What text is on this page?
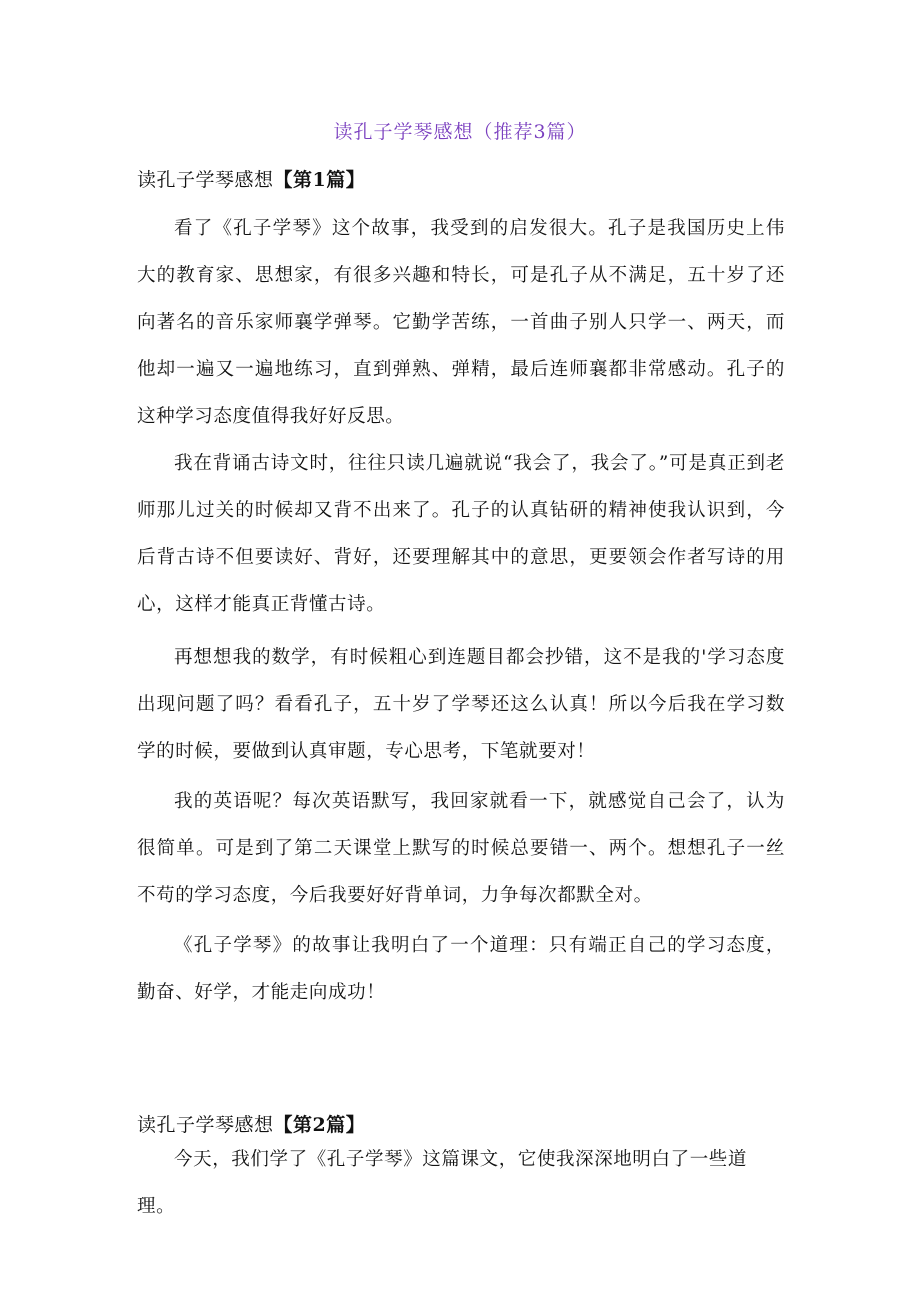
读孔子学琴感想（推荐3篇）
读孔子学琴感想【第1篇】

看了《孔子学琴》这个故事，我受到的启发很大。孔子是我国历史上伟大的教育家、思想家，有很多兴趣和特长，可是孔子从不满足，五十岁了还向著名的音乐家师襄学弹琴。它勤学苦练，一首曲子别人只学一、两天，而他却一遍又一遍地练习，直到弹熟、弹精，最后连师襄都非常感动。孔子的这种学习态度值得我好好反思。

我在背诵古诗文时，往往只读几遍就说“我会了，我会了。”可是真正到老师那儿过关的时候却又背不出来了。孔子的认真钻研的精神使我认识到，今后背古诗不但要读好、背好，还要理解其中的意思，更要领会作者写诗的用心，这样才能真正背懂古诗。

再想想我的数学，有时候粗心到连题目都会抄错，这不是我的'学习态度出现问题了吗？看看孔子，五十岁了学琴还这么认真！所以今后我在学习数学的时候，要做到认真审题，专心思考，下笔就要对！

我的英语呢？每次英语默写，我回家就看一下，就感觉自己会了，认为很简单。可是到了第二天课堂上默写的时候总要错一、两个。想想孔子一丝不苟的学习态度，今后我要好好背单词，力争每次都默全对。

《孔子学琴》的故事让我明白了一个道理：只有端正自己的学习态度，勤奋、好学，才能走向成功！

读孔子学琴感想【第2篇】

今天，我们学了《孔子学琴》这篇课文，它使我深深地明白了一些道理。
